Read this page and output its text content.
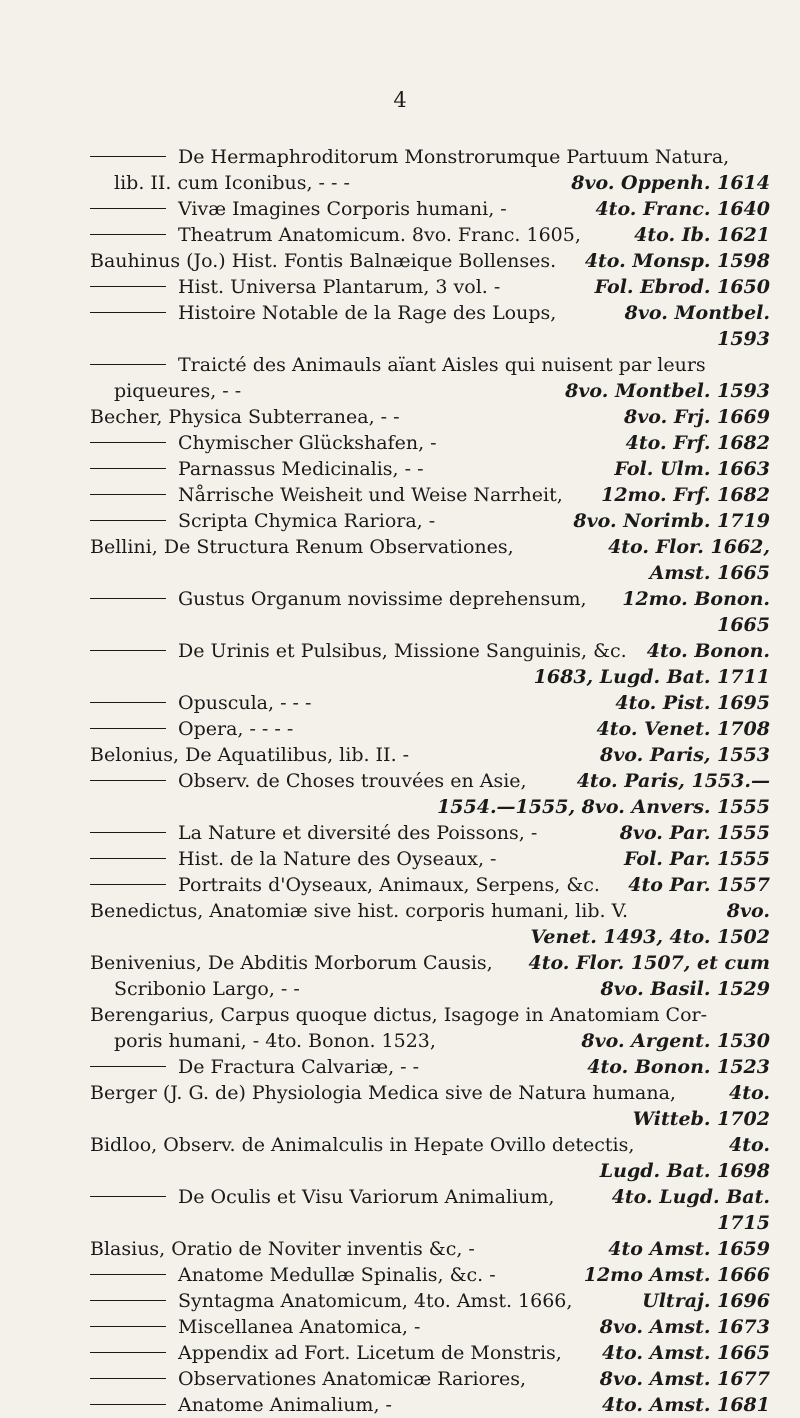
4
De Hermaphroditorum Monstrorumque Partuum Natura,
lib. II. cum Iconibus, - - -	8vo. Oppenh. 1614
Vivæ Imagines Corporis humani, -	4to. Franc. 1640
Theatrum Anatomicum. 8vo. Franc. 1605,	4to. Ib. 1621
Bauhinus (Jo.) Hist. Fontis Balnæique Bollenses.	4to. Monsp. 1598
Hist. Universa Plantarum, 3 vol. -	Fol. Ebrod. 1650
Histoire Notable de la Rage des Loups,	8vo. Montbel.
1593
Traicté des Animauls aïant Aisles qui nuisent par leurs
piqueures, - -	8vo. Montbel. 1593
Becher, Physica Subterranea, - -	8vo. Frj. 1669
Chymischer Glückshafen, -	4to. Frf. 1682
Parnassus Medicinalis, - -	Fol. Ulm. 1663
Nårrische Weisheit und Weise Narrheit,	12mo. Frf. 1682
Scripta Chymica Rariora, -	8vo. Norimb. 1719
Bellini, De Structura Renum Observationes,	4to. Flor. 1662,
Amst. 1665
Gustus Organum novissime deprehensum,	12mo. Bonon.
1665
De Urinis et Pulsibus, Missione Sanguinis, &c.	4to. Bonon.
1683, Lugd. Bat. 1711
Opuscula, - - -	4to. Pist. 1695
Opera, - - - -	4to. Venet. 1708
Belonius, De Aquatilibus, lib. II. -	8vo. Paris, 1553
Observ. de Choses trouvées en Asie,	4to. Paris, 1553.—
1554.—1555, 8vo. Anvers. 1555
La Nature et diversité des Poissons, -	8vo. Par. 1555
Hist. de la Nature des Oyseaux, -	Fol. Par. 1555
Portraits d'Oyseaux, Animaux, Serpens, &c.	4to Par. 1557
Benedictus, Anatomiæ sive hist. corporis humani, lib. V.	8vo.
Venet. 1493, 4to. 1502
Benivenius, De Abditis Morborum Causis,	4to. Flor. 1507, et cum
Scribonio Largo, - -	8vo. Basil. 1529
Berengarius, Carpus quoque dictus, Isagoge in Anatomiam Cor-
poris humani, - 4to. Bonon. 1523,	8vo. Argent. 1530
De Fractura Calvariæ, - -	4to. Bonon. 1523
Berger (J. G. de) Physiologia Medica sive de Natura humana,	4to.
Witteb. 1702
Bidloo, Observ. de Animalculis in Hepate Ovillo detectis,	4to.
Lugd. Bat. 1698
De Oculis et Visu Variorum Animalium,	4to. Lugd. Bat.
1715
Blasius, Oratio de Noviter inventis &c, -	4to Amst. 1659
Anatome Medullæ Spinalis, &c. -	12mo Amst. 1666
Syntagma Anatomicum, 4to. Amst. 1666,	Ultraj. 1696
Miscellanea Anatomica, -	8vo. Amst. 1673
Appendix ad Fort. Licetum de Monstris,	4to. Amst. 1665
Observationes Anatomicæ Rariores,	8vo. Amst. 1677
Anatome Animalium, -	4to. Amst. 1681
